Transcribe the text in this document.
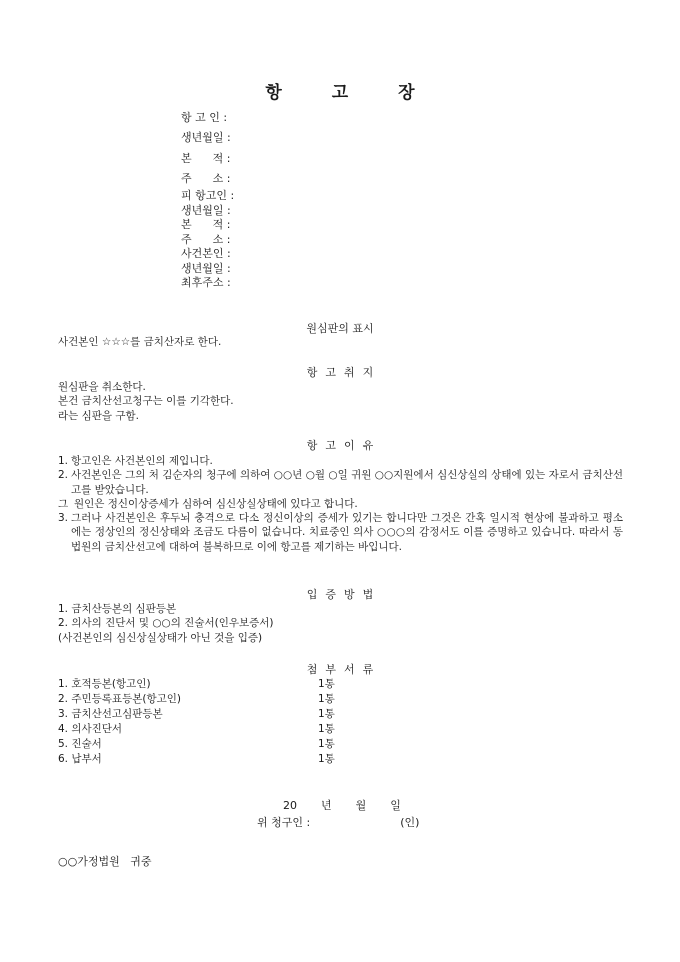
항	고	장
항 고 인 :
생년월일 :
본      적 :
주      소 :
피 항고인 :
생년월일 :
본      적 :
주      소 :
사건본인 :
생년월일 :
최후주소 :
원심판의 표시
사건본인 ☆☆☆를 금치산자로 한다.
항 고 취 지
원심판을 취소한다.
본건 금치산선고청구는 이를 기각한다.
라는 심판을 구함.
항 고 이 유
1. 항고인은 사건본인의 제입니다.
2. 사건본인은 그의 처 김순자의 청구에 의하여 ○○년 ○월 ○일 귀원 ○○지원에서 심신상실의 상태에 있는 자로서 금치산선고를 받았습니다.
그 원인은 정신이상증세가 심하여 심신상실상태에 있다고 합니다.
3. 그러나 사건본인은 후두뇌 충격으로 다소 정신이상의 증세가 있기는 합니다만 그것은 간혹 일시적 현상에 불과하고 평소에는 정상인의 정신상태와 조금도 다름이 없습니다. 치료중인 의사 ○○○의 감정서도 이를 증명하고 있습니다. 따라서 동 법원의 금치산선고에 대하여 불복하므로 이에 항고를 제기하는 바입니다.
입 증 방 법
1. 금치산등본의 심판등본
2. 의사의 진단서 및 ○○의 진술서(인우보증서)
(사건본인의 심신상실상태가 아닌 것을 입증)
첨 부 서 류
1. 호적등본(항고인)	1통
2. 주민등록표등본(항고인)	1통
3. 금치산선고심판등본	1통
4. 의사진단서	1통
5. 진술서	1통
6. 납부서	1통
20 년 월 일
위 청구인 :	(인)
○○가정법원   귀중
